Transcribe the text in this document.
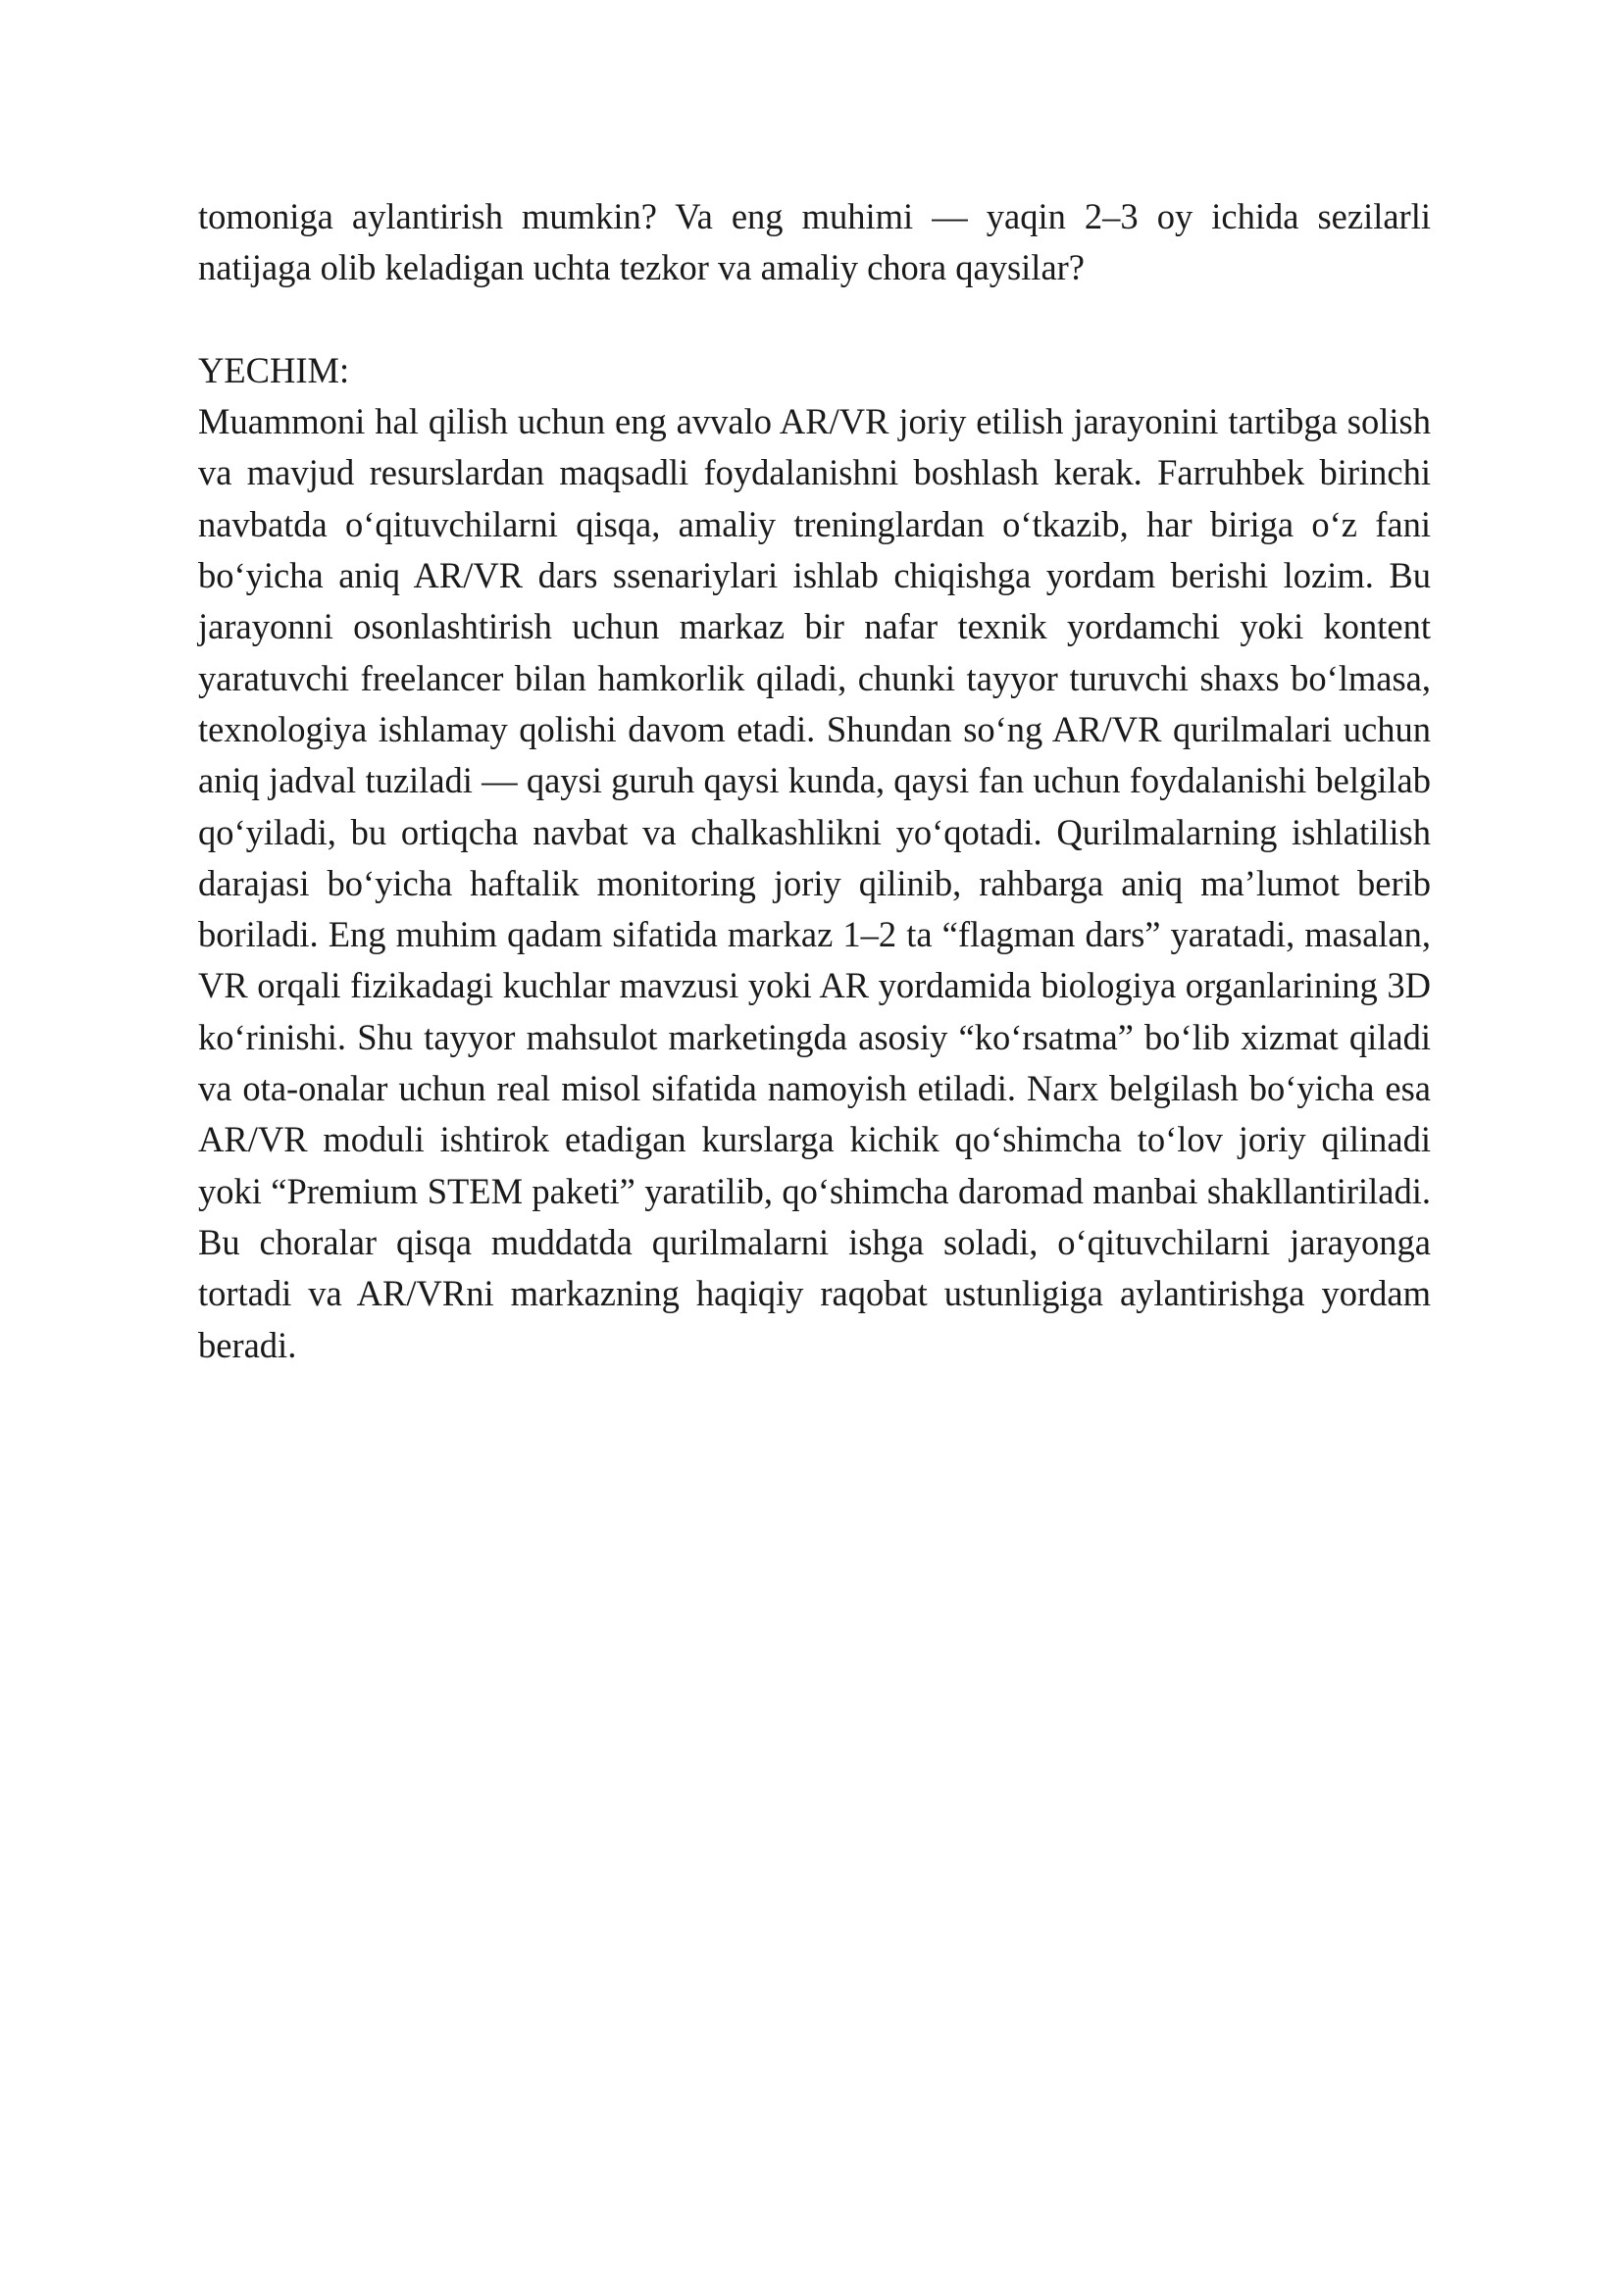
tomoniga aylantirish mumkin? Va eng muhimi — yaqin 2–3 oy ichida sezilarli natijaga olib keladigan uchta tezkor va amaliy chora qaysilar?

YECHIM:

Muammoni hal qilish uchun eng avvalo AR/VR joriy etilish jarayonini tartibga solish va mavjud resurslardan maqsadli foydalanishni boshlash kerak. Farruhbek birinchi navbatda oʻqituvchilarni qisqa, amaliy treninglardan oʻtkazib, har biriga oʻz fani boʻyicha aniq AR/VR dars ssenariylari ishlab chiqishga yordam berishi lozim. Bu jarayonni osonlashtirish uchun markaz bir nafar texnik yordamchi yoki kontent yaratuvchi freelancer bilan hamkorlik qiladi, chunki tayyor turuvchi shaxs boʻlmasa, texnologiya ishlamay qolishi davom etadi. Shundan soʻng AR/VR qurilmalari uchun aniq jadval tuziladi — qaysi guruh qaysi kunda, qaysi fan uchun foydalanishi belgilab qoʻyiladi, bu ortiqcha navbat va chalkashlikni yoʻqotadi. Qurilmalarning ishlatilish darajasi boʻyicha haftalik monitoring joriy qilinib, rahbarga aniq maʼlumot berib boriladi. Eng muhim qadam sifatida markaz 1–2 ta “flagman dars” yaratadi, masalan, VR orqali fizikadagi kuchlar mavzusi yoki AR yordamida biologiya organlarining 3D koʻrinishi. Shu tayyor mahsulot marketingda asosiy “koʻrsatma” boʻlib xizmat qiladi va ota-onalar uchun real misol sifatida namoyish etiladi. Narx belgilash boʻyicha esa AR/VR moduli ishtirok etadigan kurslarga kichik qoʻshimcha toʻlov joriy qilinadi yoki “Premium STEM paketi” yaratilib, qoʻshimcha daromad manbai shakllantiriladi. Bu choralar qisqa muddatda qurilmalarni ishga soladi, oʻqituvchilarni jarayonga tortadi va AR/VRni markazning haqiqiy raqobat ustunligiga aylantirishga yordam beradi.
